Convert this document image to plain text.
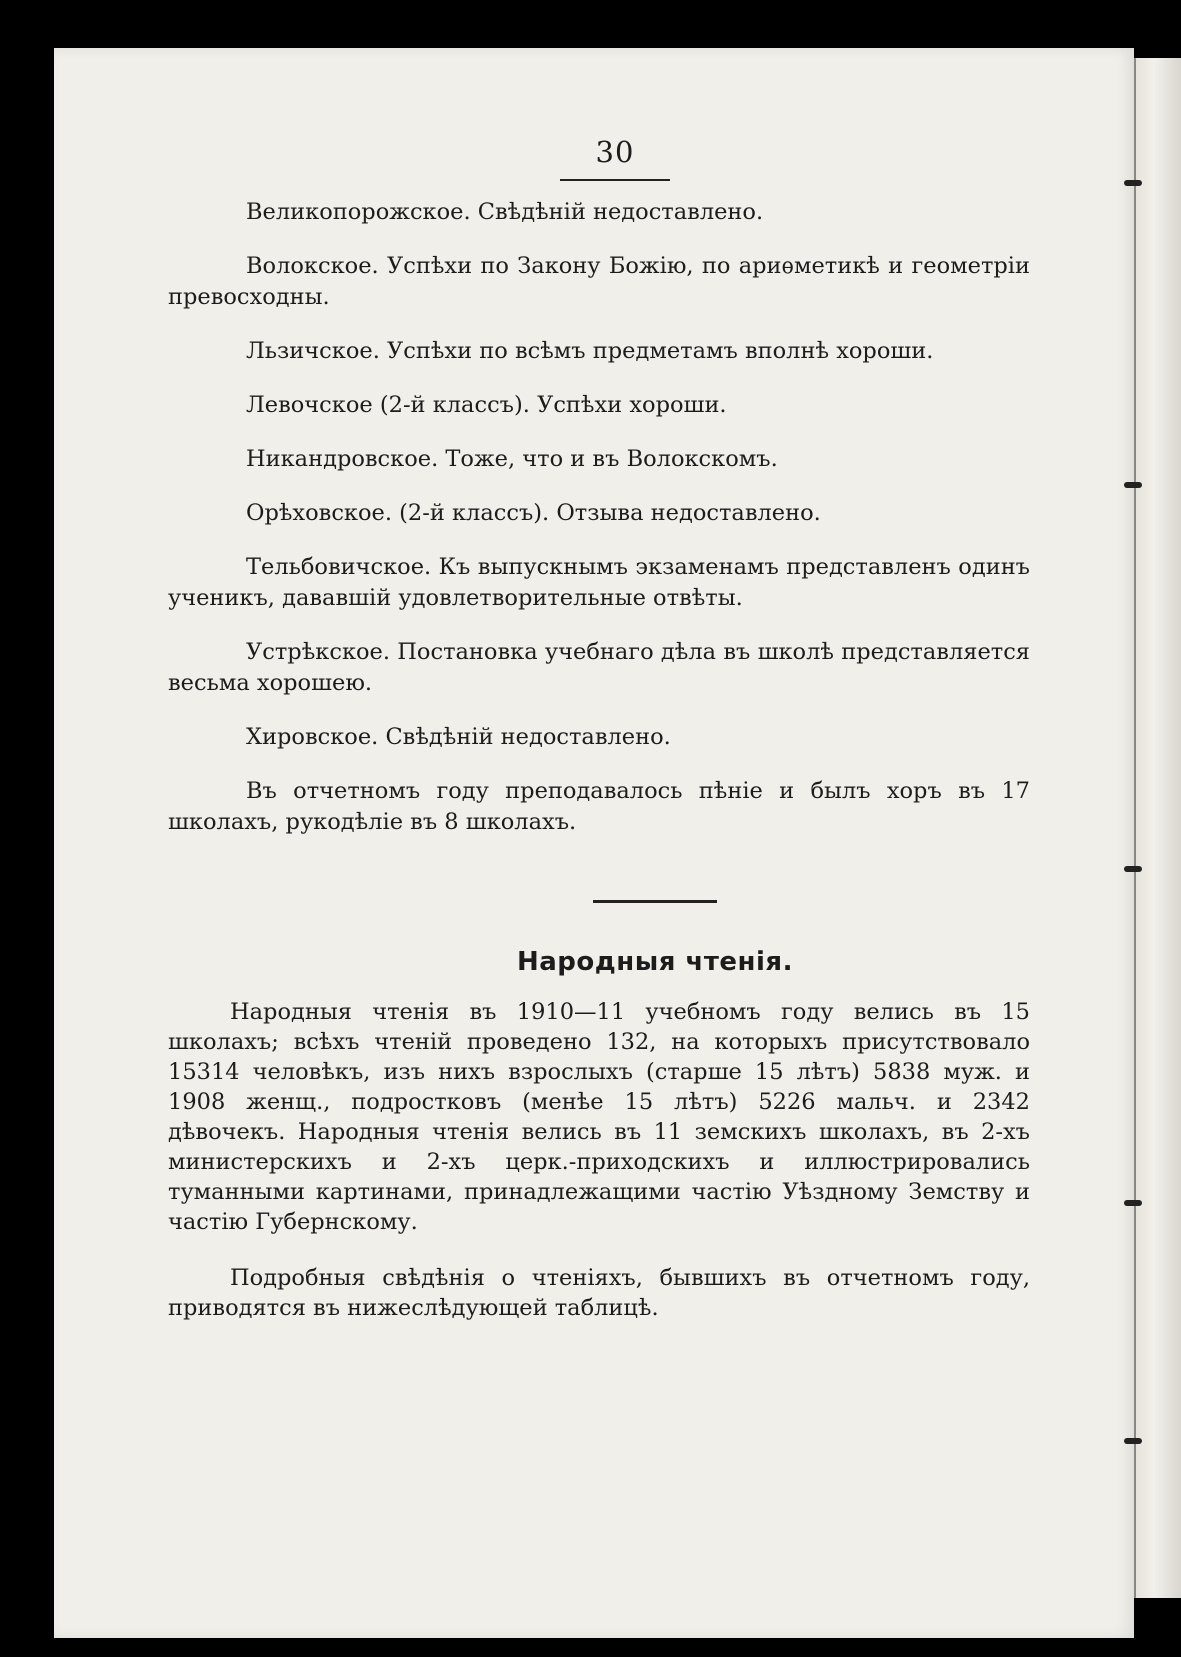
30

Великопорожское. Свѣдѣній недоставлено.

Волокское. Успѣхи по Закону Божію, по ариѳметикѣ и геометріи превосходны.

Льзичское. Успѣхи по всѣмъ предметамъ вполнѣ хороши.

Левочское (2-й классъ). Успѣхи хороши.

Никандровское. Тоже, что и въ Волокскомъ.

Орѣховское. (2-й классъ). Отзыва недоставлено.

Тельбовичское. Къ выпускнымъ экзаменамъ представленъ одинъ ученикъ, дававшій удовлетворительные отвѣты.

Устрѣкское. Постановка учебнаго дѣла въ школѣ представляется весьма хорошею.

Хировское. Свѣдѣній недоставлено.

Въ отчетномъ году преподавалось пѣніе и былъ хоръ въ 17 школахъ, рукодѣліе въ 8 школахъ.

Народныя чтенія.

Народныя чтенія въ 1910—11 учебномъ году велись въ 15 школахъ; всѣхъ чтеній проведено 132, на которыхъ присутствовало 15314 человѣкъ, изъ нихъ взрослыхъ (старше 15 лѣтъ) 5838 муж. и 1908 женщ., подростковъ (менѣе 15 лѣтъ) 5226 мальч. и 2342 дѣвочекъ. Народныя чтенія велись въ 11 земскихъ школахъ, въ 2-хъ министерскихъ и 2-хъ церк.-приходскихъ и иллюстрировались туманными картинами, принадлежащими частію Уѣздному Земству и частію Губернскому.

Подробныя свѣдѣнія о чтеніяхъ, бывшихъ въ отчетномъ году, приводятся въ нижеслѣдующей таблицѣ.
